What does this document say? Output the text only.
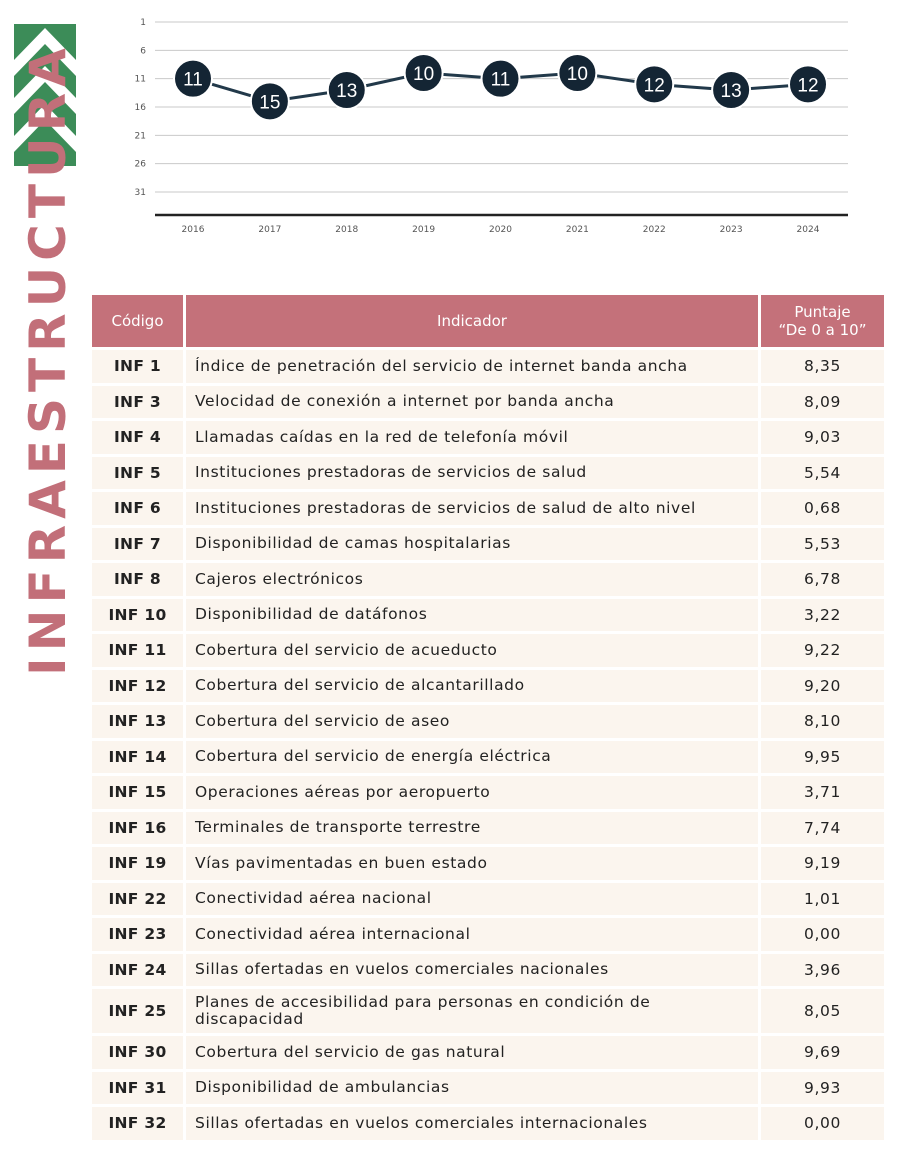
INFRAESTRUCTURA
1
6
11
16
21
26
31
2016	2017	2018	2019	2020	2021	2022	2023	2024
11
15
13
10	11	10
12	13	12
Código	Indicador	Puntaje
“De 0 a 10”
INF 1	Índice de penetración del servicio de internet banda ancha	8,35
INF 3	Velocidad de conexión a internet por banda ancha	8,09
INF 4	Llamadas caídas en la red de telefonía móvil	9,03
INF 5	Instituciones prestadoras de servicios de salud	5,54
INF 6	Instituciones prestadoras de servicios de salud de alto nivel	0,68
INF 7	Disponibilidad de camas hospitalarias	5,53
INF 8	Cajeros electrónicos	6,78
INF 10	Disponibilidad de datáfonos	3,22
INF 11	Cobertura del servicio de acueducto	9,22
INF 12	Cobertura del servicio de alcantarillado	9,20
INF 13	Cobertura del servicio de aseo	8,10
INF 14	Cobertura del servicio de energía eléctrica	9,95
INF 15	Operaciones aéreas por aeropuerto	3,71
INF 16	Terminales de transporte terrestre	7,74
INF 19	Vías pavimentadas en buen estado	9,19
INF 22	Conectividad aérea nacional	1,01
INF 23	Conectividad aérea internacional	0,00
INF 24	Sillas ofertadas en vuelos comerciales nacionales	3,96
INF 25	Planes de accesibilidad para personas en condición de discapacidad	8,05
INF 30	Cobertura del servicio de gas natural	9,69
INF 31	Disponibilidad de ambulancias	9,93
INF 32	Sillas ofertadas en vuelos comerciales internacionales	0,00
